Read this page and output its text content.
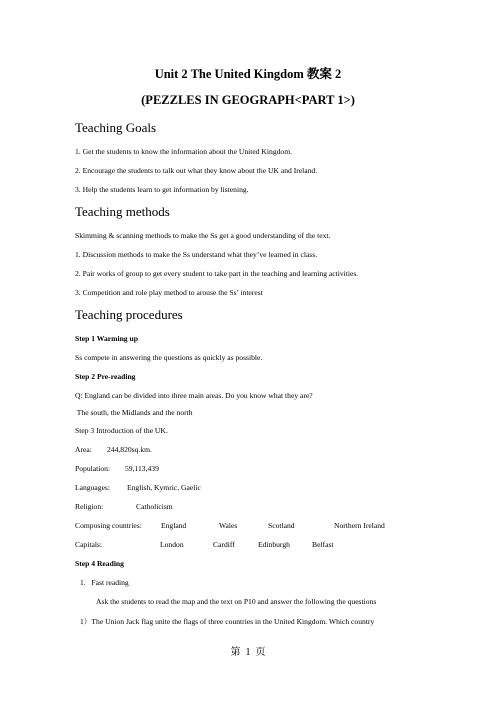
Unit 2 The United Kingdom 教案 2
(PEZZLES IN GEOGRAPH<PART 1>)
Teaching Goals
1. Get the students to know the information about the United Kingdom.
2. Encourage the students to talk out what they know about the UK and Ireland.
3. Help the students learn to get information by listening.
Teaching methods
Skimming & scanning methods to make the Ss get a good understanding of the text.
1. Discussion methods to make the Ss understand what they’ve learned in class.
2. Pair works of group to get every student to take part in the teaching and learning activities.
3. Competition and role play method to arouse the Ss’ interest
Teaching procedures
Step 1 Warming up
Ss compete in answering the questions as quickly as possible.
Step 2 Pre-reading
Q: England can be divided into three main areas. Do you know what they are?
The south, the Midlands and the north
Step 3 Introduction of the UK.
Area: 244,820sq.km.
Population: 59,113,439
Languages: English, Kymric, Gaelic
Religion:	Catholicism
Composing countries:	England	Wales	Scotland	Northern Ireland
Capitals:	London	Cardiff	Edinburgh	Belfast
Step 4 Reading
1.   Fast reading
Ask the students to read the map and the text on P10 and answer the following the questions
1）The Union Jack flag unite the flags of three countries in the United Kingdom. Which country
第  1  页
